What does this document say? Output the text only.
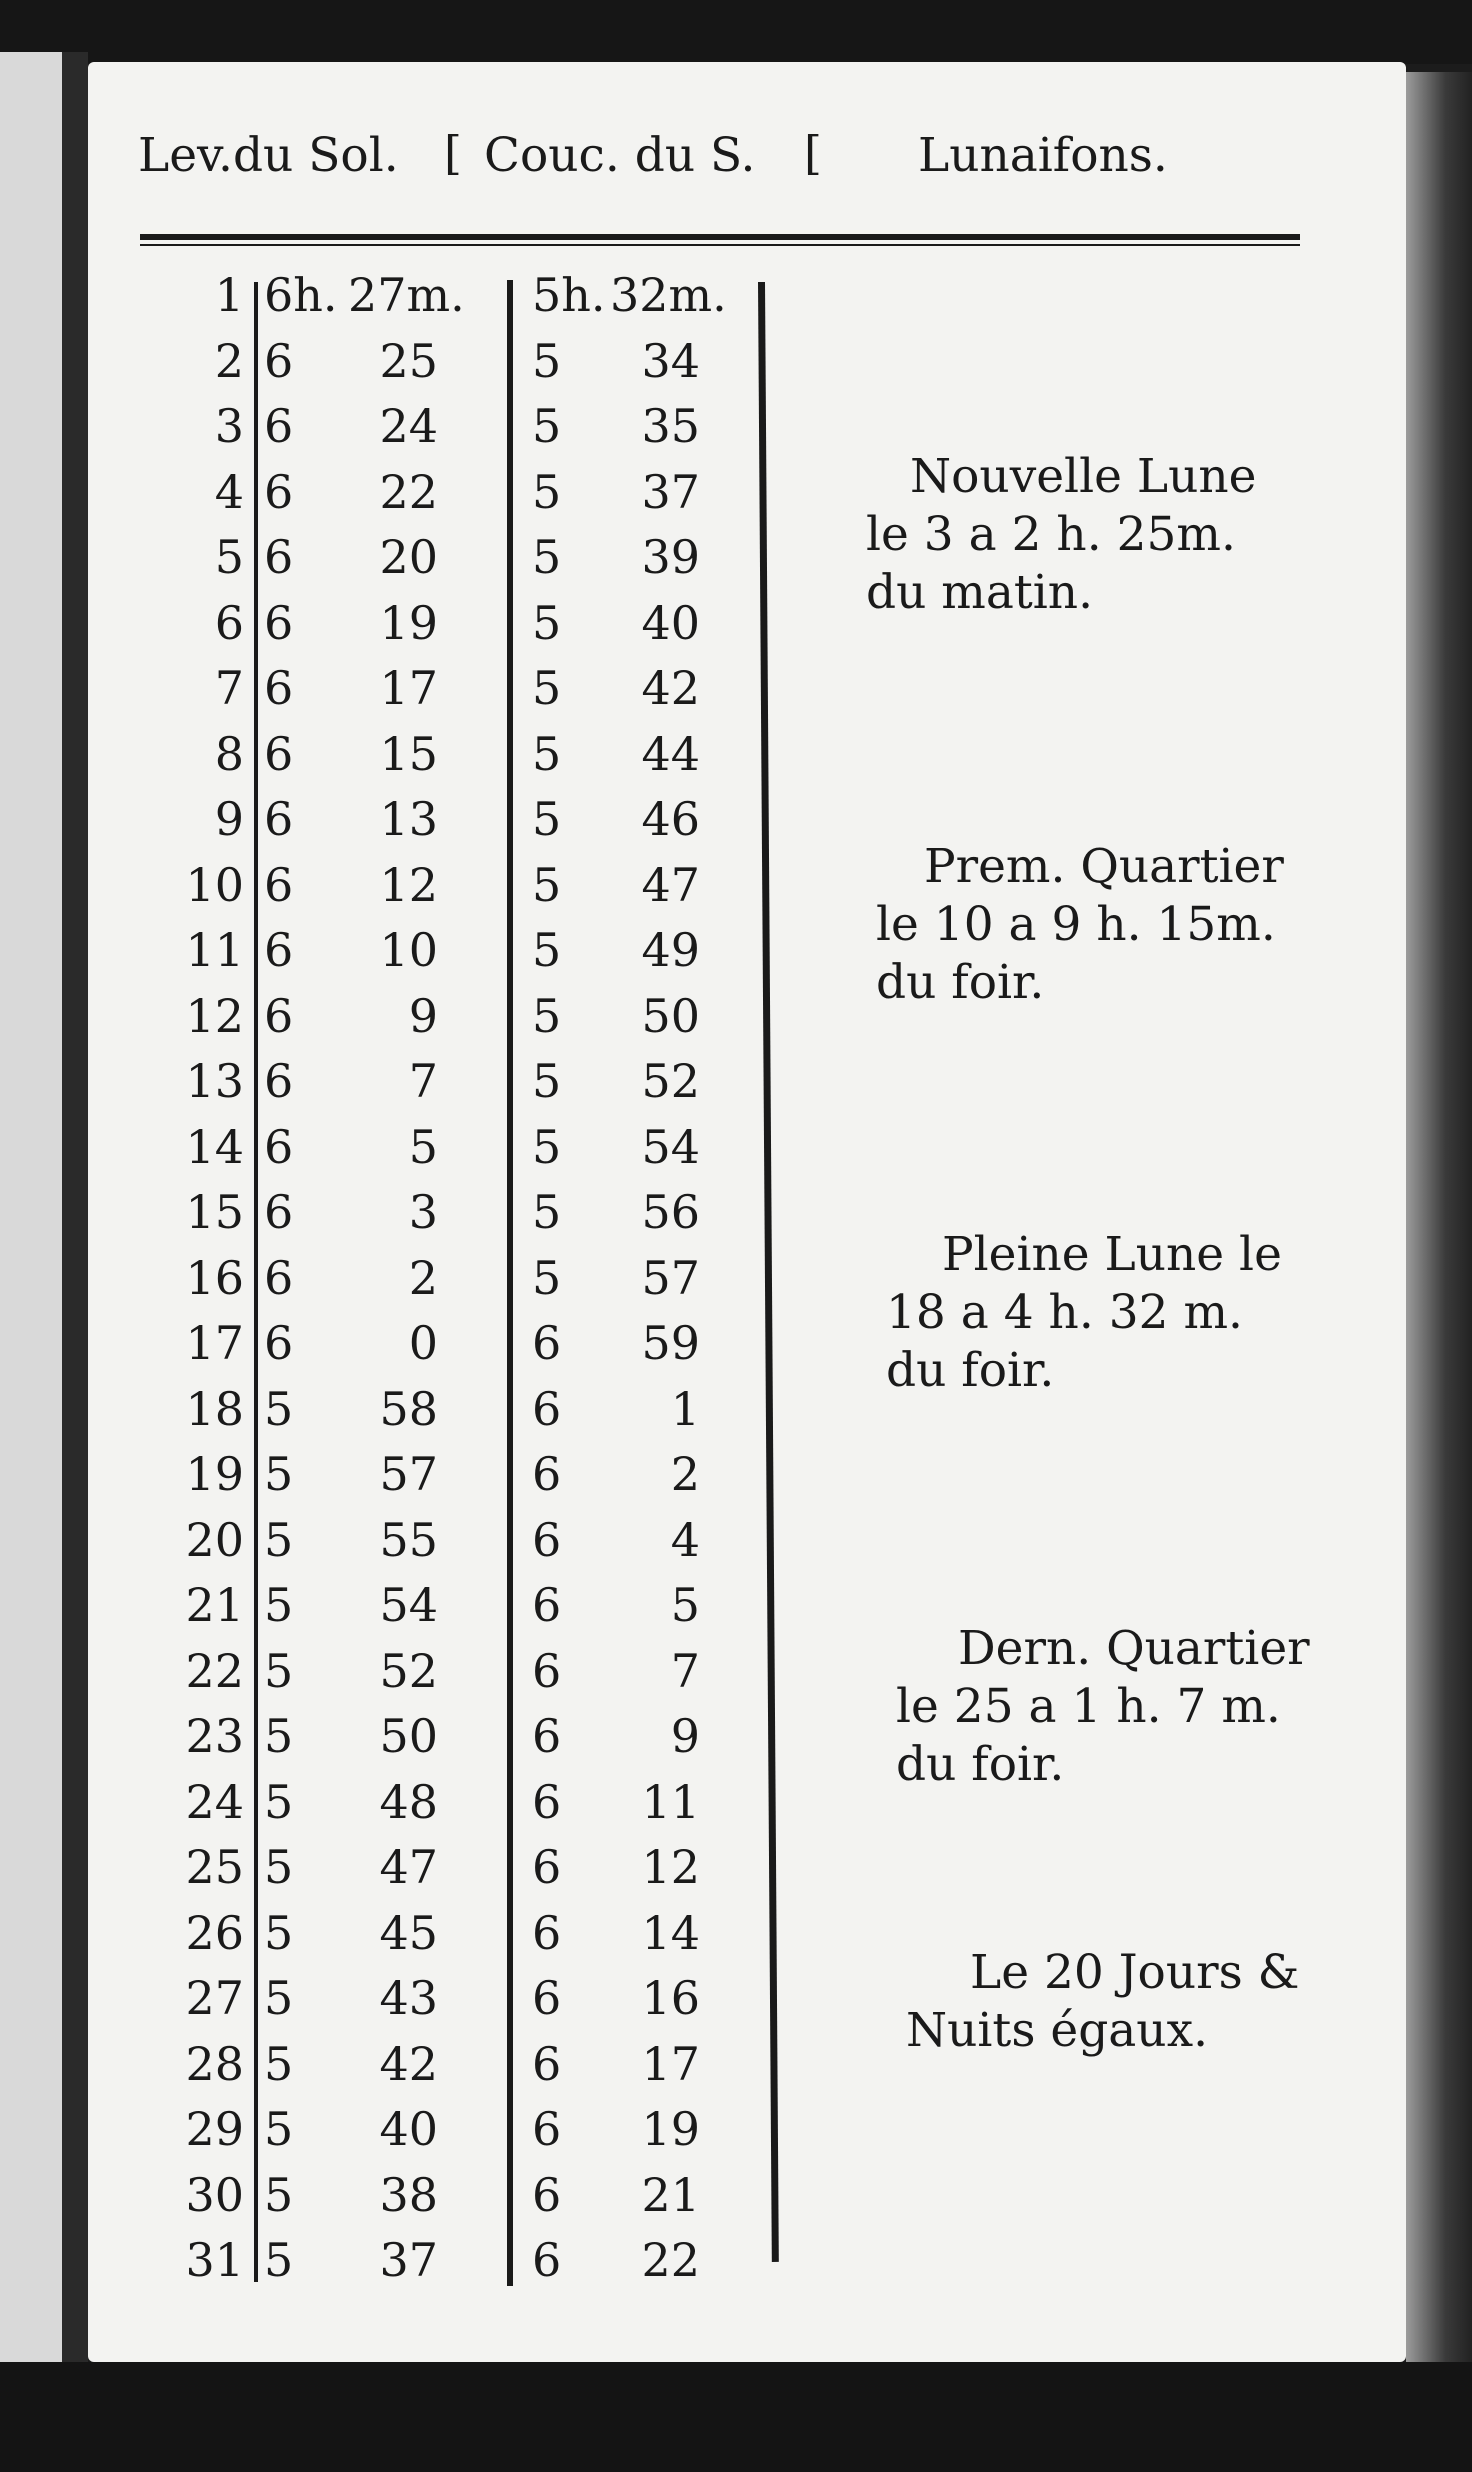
Lev.du Sol. [ Couc. du S. [ Lunaifons.
1 6h. 27m. 5h. 32m.
2 6	25 5	34
3 6	24 5	35
4 6	22 5	37
5 6	20 5	39
6 6	19 5	40
7 6	17 5	42
8 6	15 5	44
9 6	13 5	46
10 6	12 5	47
11 6	10 5	49
12 6	9 5	50
13 6	7 5	52
14 6	5 5	54
15 6	3 5	56
16 6	2 5	57
17 6	0 6	59
18 5	58 6	1
19 5	57 6	2
20 5	55 6	4
21 5	54 6	5
22 5	52 6	7
23 5	50 6	9
24 5	48 6	11
25 5	47 6	12
26 5	45 6	14
27 5	43 6	16
28 5	42 6	17
29 5	40 6	19
30 5	38 6	21
31 5	37 6	22
Nouvelle Lune
le 3 a 2 h. 25m.
du matin.
Prem. Quartier
le 10 a 9 h. 15m.
du foir.
Pleine Lune le
18 a 4 h. 32 m.
du foir.
Dern. Quartier
le 25 a 1 h. 7 m.
du foir.
Le 20 Jours &
Nuits égaux.
